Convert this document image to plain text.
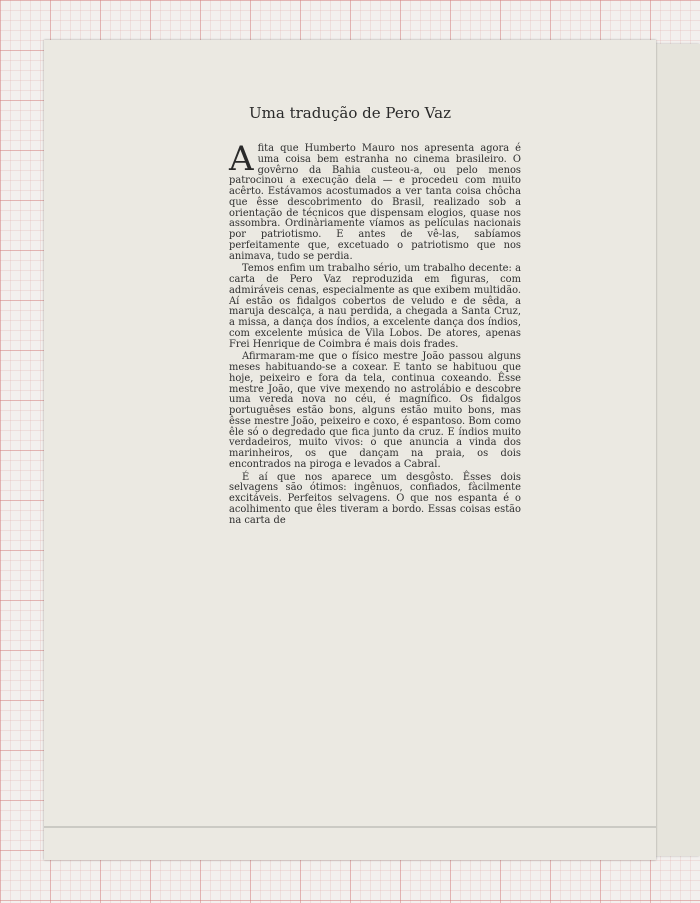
Uma tradução de Pero Vaz

Afita que Humberto Mauro nos apresenta agora é uma coisa bem estranha no cinema brasileiro. O govêrno da Bahia custeou-a, ou pelo menos patrocinou a execução dela — e procedeu com muito acêrto. Estávamos acostumados a ver tanta coisa chôcha que êsse descobrimento do Brasil, realizado sob a orientação de técnicos que dispensam elogios, quase nos assombra. Ordinàriamente víamos as películas nacionais por patriotismo. E antes de vê-las, sabíamos perfeitamente que, excetuado o patriotismo que nos animava, tudo se perdia.

Temos enfim um trabalho sério, um trabalho decente: a carta de Pero Vaz reproduzida em figuras, com admiráveis cenas, especialmente as que exibem multidão. Aí estão os fidalgos cobertos de veludo e de sêda, a maruja descalça, a nau perdida, a chegada a Santa Cruz, a missa, a dança dos índios, a excelente dança dos índios, com excelente música de Vila Lobos. De atores, apenas Frei Henrique de Coimbra é mais dois frades.

Afirmaram-me que o físico mestre João passou alguns meses habituando-se a coxear. E tanto se habituou que hoje, peixeiro e fora da tela, continua coxeando. Êsse mestre João, que vive mexendo no astrolábio e descobre uma vereda nova no céu, é magnífico. Os fidalgos portuguêses estão bons, alguns estão muito bons, mas êsse mestre João, peixeiro e coxo, é espantoso. Bom como êle só o degredado que fica junto da cruz. E índios muito verdadeiros, muito vivos: o que anuncia a vinda dos marinheiros, os que dançam na praia, os dois encontrados na piroga e levados a Cabral.

É aí que nos aparece um desgôsto. Êsses dois selvagens são ótimos: ingênuos, confiados, fàcilmente excitáveis. Perfeitos selvagens. O que nos espanta é o acolhimento que êles tiveram a bordo. Essas coisas estão na carta de
